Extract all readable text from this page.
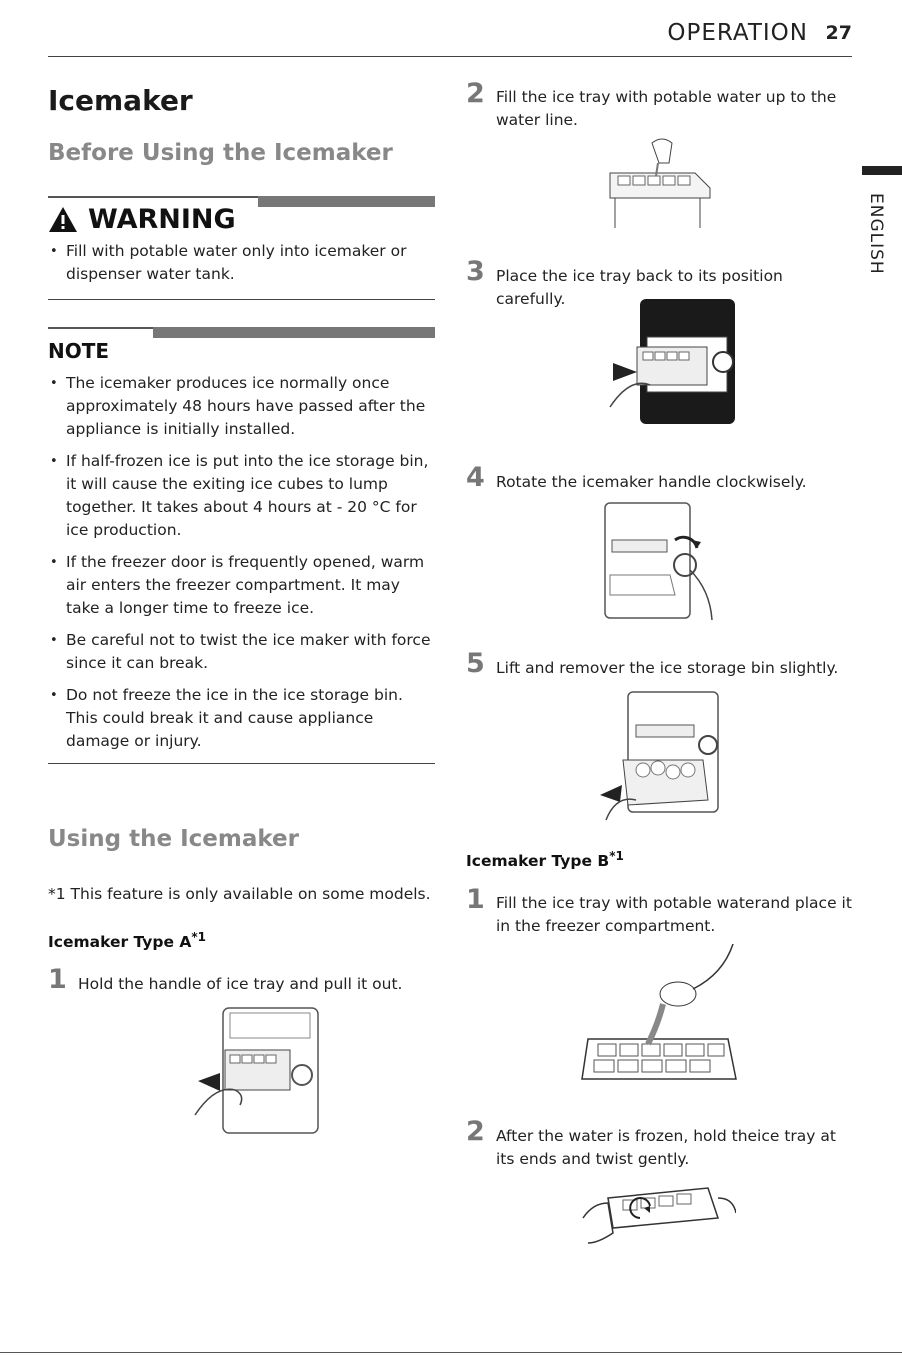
OPERATION 27
ENGLISH
Icemaker
Before Using the Icemaker
WARNING
• Fill with potable water only into icemaker or dispenser water tank.
NOTE
• The icemaker produces ice normally once approximately 48 hours have passed after the appliance is initially installed.
• If half-frozen ice is put into the ice storage bin, it will cause the exiting ice cubes to lump together. It takes about 4 hours at - 20 °C for ice production.
• If the freezer door is frequently opened, warm air enters the freezer compartment. It may take a longer time to freeze ice.
• Be careful not to twist the ice maker with force since it can break.
• Do not freeze the ice in the ice storage bin. This could break it and cause appliance damage or injury.
Using the Icemaker
*1 This feature is only available on some models.
Icemaker Type $A^{*1}$
1 Hold the handle of ice tray and pull it out.
2 Fill the ice tray with potable water up to the water line.
3 Place the ice tray back to its position carefully.
4 Rotate the icemaker handle clockwisely.
5 Lift and remover the ice storage bin slightly.
Icemaker Type $B^{*1}$
1 Fill the ice tray with potable waterand place it in the freezer compartment.
2 After the water is frozen, hold theice tray at its ends and twist gently.
